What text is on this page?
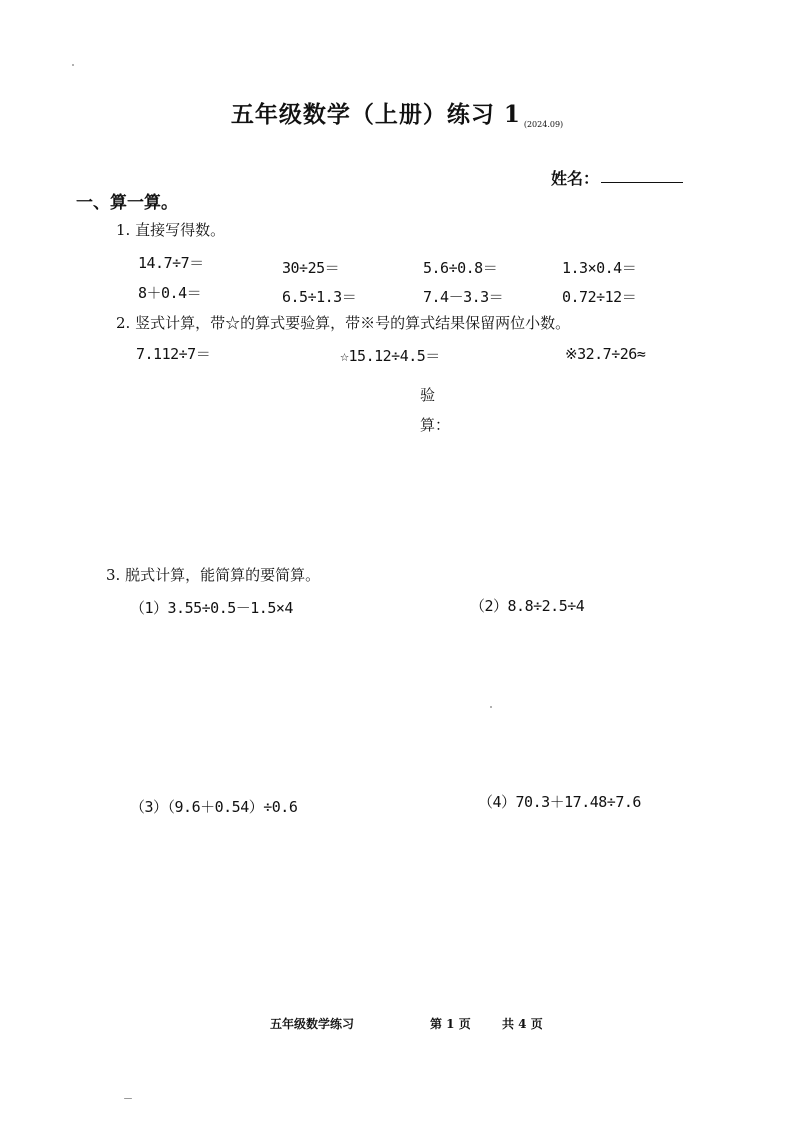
五年级数学（上册）练习 1 (2024.09)
姓名：
一、算一算。
1. 直接写得数。
14.7÷7＝	30÷25＝	5.6÷0.8＝	1.3×0.4＝
8＋0.4＝	6.5÷1.3＝	7.4－3.3＝	0.72÷12＝
2. 竖式计算，带☆的算式要验算，带※号的算式结果保留两位小数。
7.112÷7＝	☆15.12÷4.5＝	※32.7÷26≈
验
算：
3. 脱式计算，能简算的要简算。
（1）3.55÷0.5－1.5×4	（2）8.8÷2.5÷4
（3）（9.6＋0.54）÷0.6	（4）70.3＋17.48÷7.6
五年级数学练习	第 1 页	共 4 页
